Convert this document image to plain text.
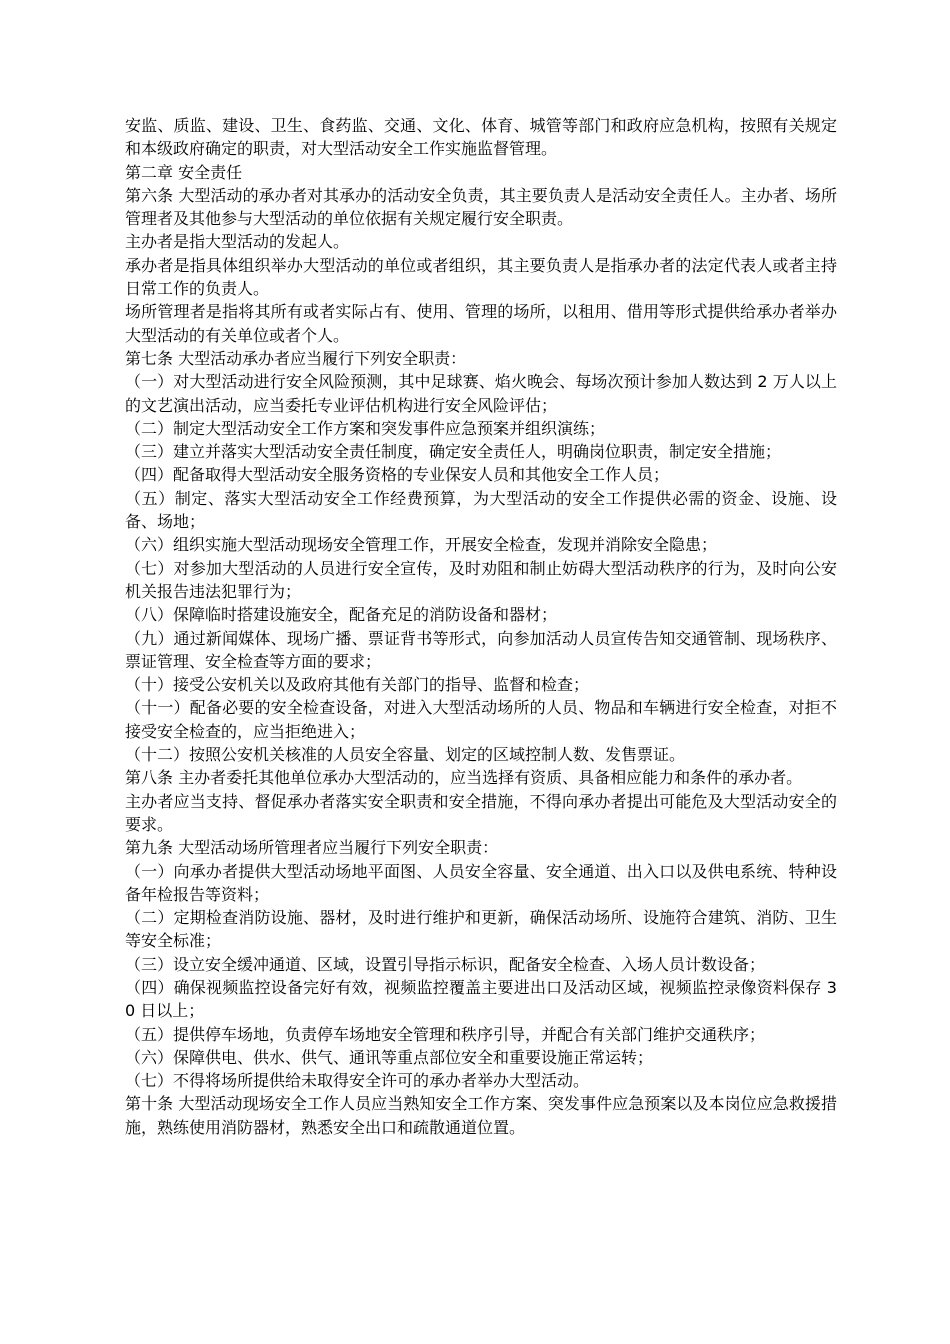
安监、质监、建设、卫生、食药监、交通、文化、体育、城管等部门和政府应急机构，按照有关规定和本级政府确定的职责，对大型活动安全工作实施监督管理。

第二章 安全责任

第六条 大型活动的承办者对其承办的活动安全负责，其主要负责人是活动安全责任人。主办者、场所管理者及其他参与大型活动的单位依据有关规定履行安全职责。

主办者是指大型活动的发起人。

承办者是指具体组织举办大型活动的单位或者组织，其主要负责人是指承办者的法定代表人或者主持日常工作的负责人。

场所管理者是指将其所有或者实际占有、使用、管理的场所，以租用、借用等形式提供给承办者举办大型活动的有关单位或者个人。

第七条 大型活动承办者应当履行下列安全职责：

（一）对大型活动进行安全风险预测，其中足球赛、焰火晚会、每场次预计参加人数达到 2 万人以上的文艺演出活动，应当委托专业评估机构进行安全风险评估；

（二）制定大型活动安全工作方案和突发事件应急预案并组织演练；

（三）建立并落实大型活动安全责任制度，确定安全责任人，明确岗位职责，制定安全措施；

（四）配备取得大型活动安全服务资格的专业保安人员和其他安全工作人员；

（五）制定、落实大型活动安全工作经费预算，为大型活动的安全工作提供必需的资金、设施、设备、场地；

（六）组织实施大型活动现场安全管理工作，开展安全检查，发现并消除安全隐患；

（七）对参加大型活动的人员进行安全宣传，及时劝阻和制止妨碍大型活动秩序的行为，及时向公安机关报告违法犯罪行为；

（八）保障临时搭建设施安全，配备充足的消防设备和器材；

（九）通过新闻媒体、现场广播、票证背书等形式，向参加活动人员宣传告知交通管制、现场秩序、票证管理、安全检查等方面的要求；

（十）接受公安机关以及政府其他有关部门的指导、监督和检查；

（十一）配备必要的安全检查设备，对进入大型活动场所的人员、物品和车辆进行安全检查，对拒不接受安全检查的，应当拒绝进入；

（十二）按照公安机关核准的人员安全容量、划定的区域控制人数、发售票证。

第八条 主办者委托其他单位承办大型活动的，应当选择有资质、具备相应能力和条件的承办者。

主办者应当支持、督促承办者落实安全职责和安全措施，不得向承办者提出可能危及大型活动安全的要求。

第九条 大型活动场所管理者应当履行下列安全职责：

（一）向承办者提供大型活动场地平面图、人员安全容量、安全通道、出入口以及供电系统、特种设备年检报告等资料；

（二）定期检查消防设施、器材，及时进行维护和更新，确保活动场所、设施符合建筑、消防、卫生等安全标准；

（三）设立安全缓冲通道、区域，设置引导指示标识，配备安全检查、入场人员计数设备；

（四）确保视频监控设备完好有效，视频监控覆盖主要进出口及活动区域，视频监控录像资料保存 30 日以上；

（五）提供停车场地，负责停车场地安全管理和秩序引导，并配合有关部门维护交通秩序；

（六）保障供电、供水、供气、通讯等重点部位安全和重要设施正常运转；

（七）不得将场所提供给未取得安全许可的承办者举办大型活动。

第十条 大型活动现场安全工作人员应当熟知安全工作方案、突发事件应急预案以及本岗位应急救援措施，熟练使用消防器材，熟悉安全出口和疏散通道位置。
